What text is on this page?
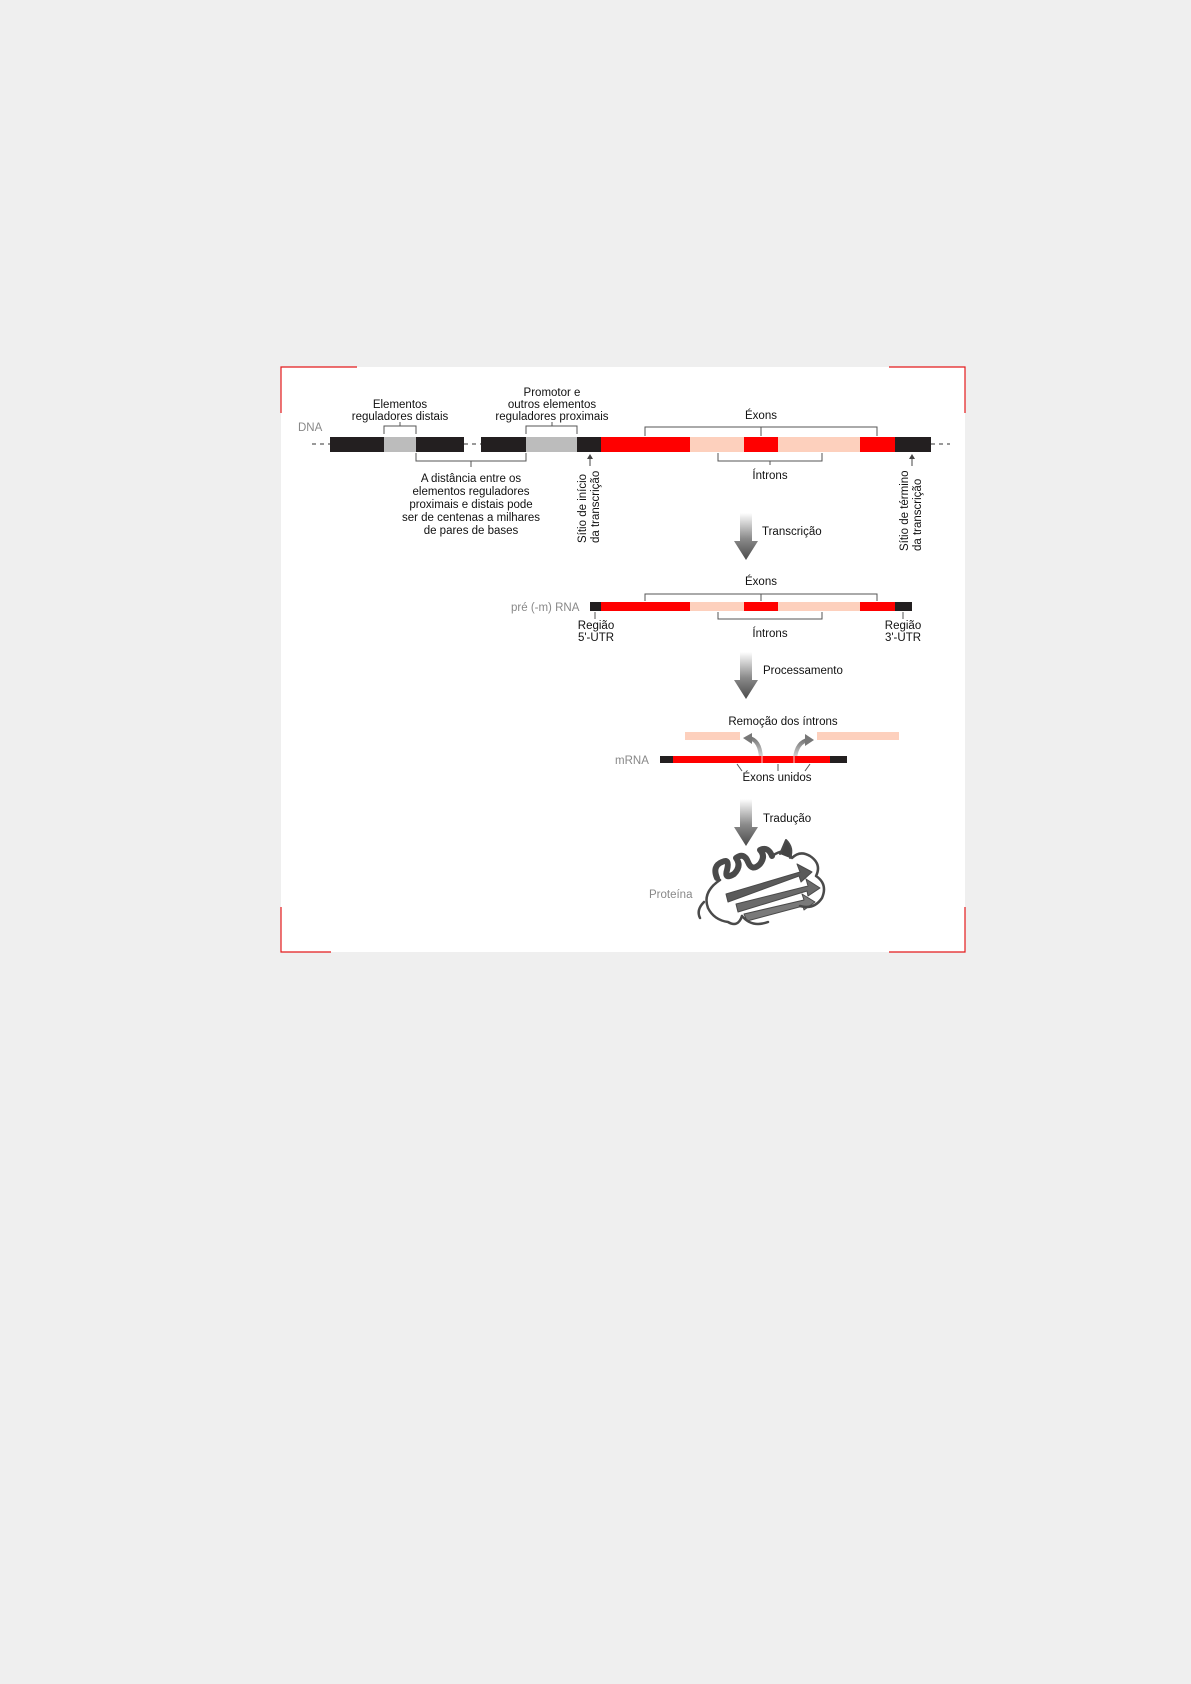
DNA
Elementos
reguladores distais
Promotor e
outros elementos
reguladores proximais	Éxons
Íntrons
A distância entre os
elementos reguladores
proximais e distais pode
ser de centenas a milhares
de pares de bases	Sítio de início da transcrição	Sítio de término da transcrição
Transcrição
pré (-m) RNA
Éxons
Íntrons
Região
5'-UTR
Região
3'-UTR
Processamento
Remoção dos íntrons
mRNA
Éxons unidos
Tradução
Proteína
